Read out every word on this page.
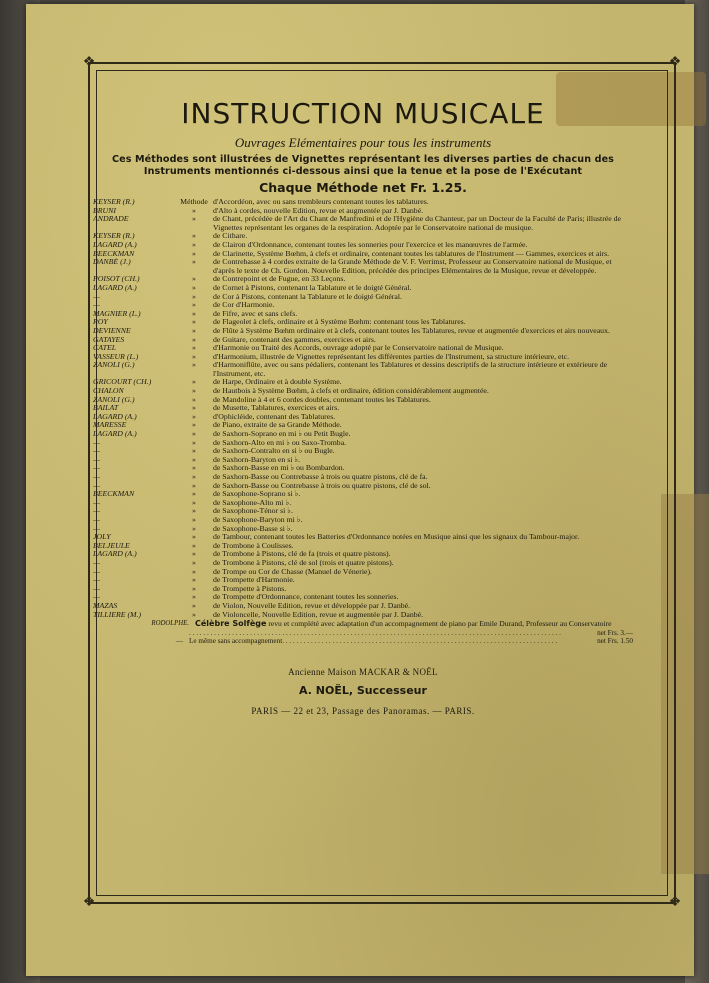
❖	❖
❖	❖
INSTRUCTION MUSICALE
Ouvrages Elémentaires pour tous les instruments
Ces Méthodes sont illustrées de Vignettes représentant les diverses parties de chacun des Instruments mentionnés ci-dessous ainsi que la tenue et la pose de l'Exécutant
Chaque Méthode net Fr. 1.25.
KEYSER (R.)	Méthode d'Accordéon, avec ou sans trembleurs contenant toutes les tablatures.
BRUNI	»	d'Alto à cordes, nouvelle Edition, revue et augmentée par J. Danbé.
ANDRADE	»	de Chant, précédée de l'Art du Chant de Manfredini et de l'Hygiène du Chanteur, par un Docteur de la Faculté de Paris; illustrée de Vignettes représentant les organes de la respiration. Adoptée par le Conservatoire national de musique.
KEYSER (R.)	»	de Cithare.
LAGARD (A.)	»	de Clairon d'Ordonnance, contenant toutes les sonneries pour l'exercice et les manœuvres de l'armée.
BEECKMAN	»	de Clarinette, Système Bœhm, à clefs et ordinaire, contenant toutes les tablatures de l'Instrument — Gammes, exercices et airs.
DANBÉ (J.)	»	de Contrebasse à 4 cordes extraite de la Grande Méthode de V. F. Verrimst, Professeur au Conservatoire national de Musique, et d'après le texte de Ch. Gordon. Nouvelle Edition, précédée des principes Elémentaires de la Musique, revue et développée.
POISOT (CH.)	»	de Contrepoint et de Fugue, en 33 Leçons.
LAGARD (A.)	»	de Cornet à Pistons, contenant la Tablature et le doigté Général.
—	»	de Cor à Pistons, contenant la Tablature et le doigté Général.
—	»	de Cor d'Harmonie.
MAGNIER (L.)	»	de Fifre, avec et sans clefs.
ROY	»	de Flageolet à clefs, ordinaire et à Système Bœhm: contenant tous les Tablatures.
DEVIENNE	»	de Flûte à Système Bœhm ordinaire et à clefs, contenant toutes les Tablatures, revue et augmentée d'exercices et airs nouveaux.
GATAYES	»	de Guitare, contenant des gammes, exercices et airs.
CATEL	»	d'Harmonie ou Traité des Accords, ouvrage adopté par le Conservatoire national de Musique.
VASSEUR (L.)	»	d'Harmonium, illustrée de Vignettes représentant les différentes parties de l'Instrument, sa structure intérieure, etc.
ZANOLI (G.)	»	d'Harmoniflûte, avec ou sans pédaliers, contenant les Tablatures et dessins descriptifs de la structure intérieure et extérieure de l'Instrument, etc.
GRICOURT (CH.)	»	de Harpe, Ordinaire et à double Système.
CHALON	»	de Hautbois à Système Bœhm, à clefs et ordinaire, édition considérablement augmentée.
ZANOLI (G.)	»	de Mandoline à 4 et 6 cordes doubles, contenant toutes les Tablatures.
BAILAT	»	de Musette, Tablatures, exercices et airs.
LAGARD (A.)	»	d'Ophicléide, contenant des Tablatures.
MARESSE	»	de Piano, extraite de sa Grande Méthode.
LAGARD (A.)	»	de Saxhorn-Soprano en mi ♭ ou Petit Bugle.
—	»	de Saxhorn-Alto en mi ♭ ou Saxo-Tromba.
—	»	de Saxhorn-Contralto en si ♭ ou Bugle.
—	»	de Saxhorn-Baryton en si ♭.
—	»	de Saxhorn-Basse en mi ♭ ou Bombardon.
—	»	de Saxhorn-Basse ou Contrebasse à trois ou quatre pistons, clé de fa.
—	»	de Saxhorn-Basse ou Contrebasse à trois ou quatre pistons, clé de sol.
BEECKMAN	»	de Saxophone-Soprano si ♭.
—	»	de Saxophone-Alto mi ♭.
—	»	de Saxophone-Ténor si ♭.
—	»	de Saxophone-Baryton mi ♭.
—	»	de Saxophone-Basse si ♭.
JOLY	»	de Tambour, contenant toutes les Batteries d'Ordonnance notées en Musique ainsi que les signaux du Tambour-major.
BELJEULE	»	de Trombone à Coulisses.
LAGARD (A.)	»	de Trombone à Pistons, clé de fa (trois et quatre pistons).
—	»	de Trombone à Pistons, clé de sol (trois et quatre pistons).
—	»	de Trompe ou Cor de Chasse (Manuel de Vénerie).
—	»	de Trompette d'Harmonie.
—	»	de Trompette à Pistons.
—	»	de Trompette d'Ordonnance, contenant toutes les sonneries.
MAZAS	»	de Violon, Nouvelle Edition, revue et développée par J. Danbé.
TILLIERE (M.)	»	de Violoncelle, Nouvelle Edition, revue et augmentée par J. Danbé.
RODOLPHE. Célèbre Solfège revu et complété avec adaptation d'un accompagnement de piano par Emile Durand, Professeur au Conservatoire
. . . . . . . . . . . . . . . . . . . . . . . . . . . . . . . . . . . . . . . . . . . . . . . . . . . . . . . . . . . . . . . . . . . . . . . . . . . . . . . . . . . . . . . . . . . . . . . . . . . . . . . .	net Frs. 3.—
— Le même sans accompagnement . . . . . . . . . . . . . . . . . . . . . . . . . . . . . . . . . . . . . . . . . . . . . . . . . . . . . . . . . . . . . . . . . . . . . . . . . . . . .	net Frs. 1.50
Ancienne Maison MACKAR & NOËL
A. NOËL, Successeur
PARIS — 22 et 23, Passage des Panoramas. — PARIS.
